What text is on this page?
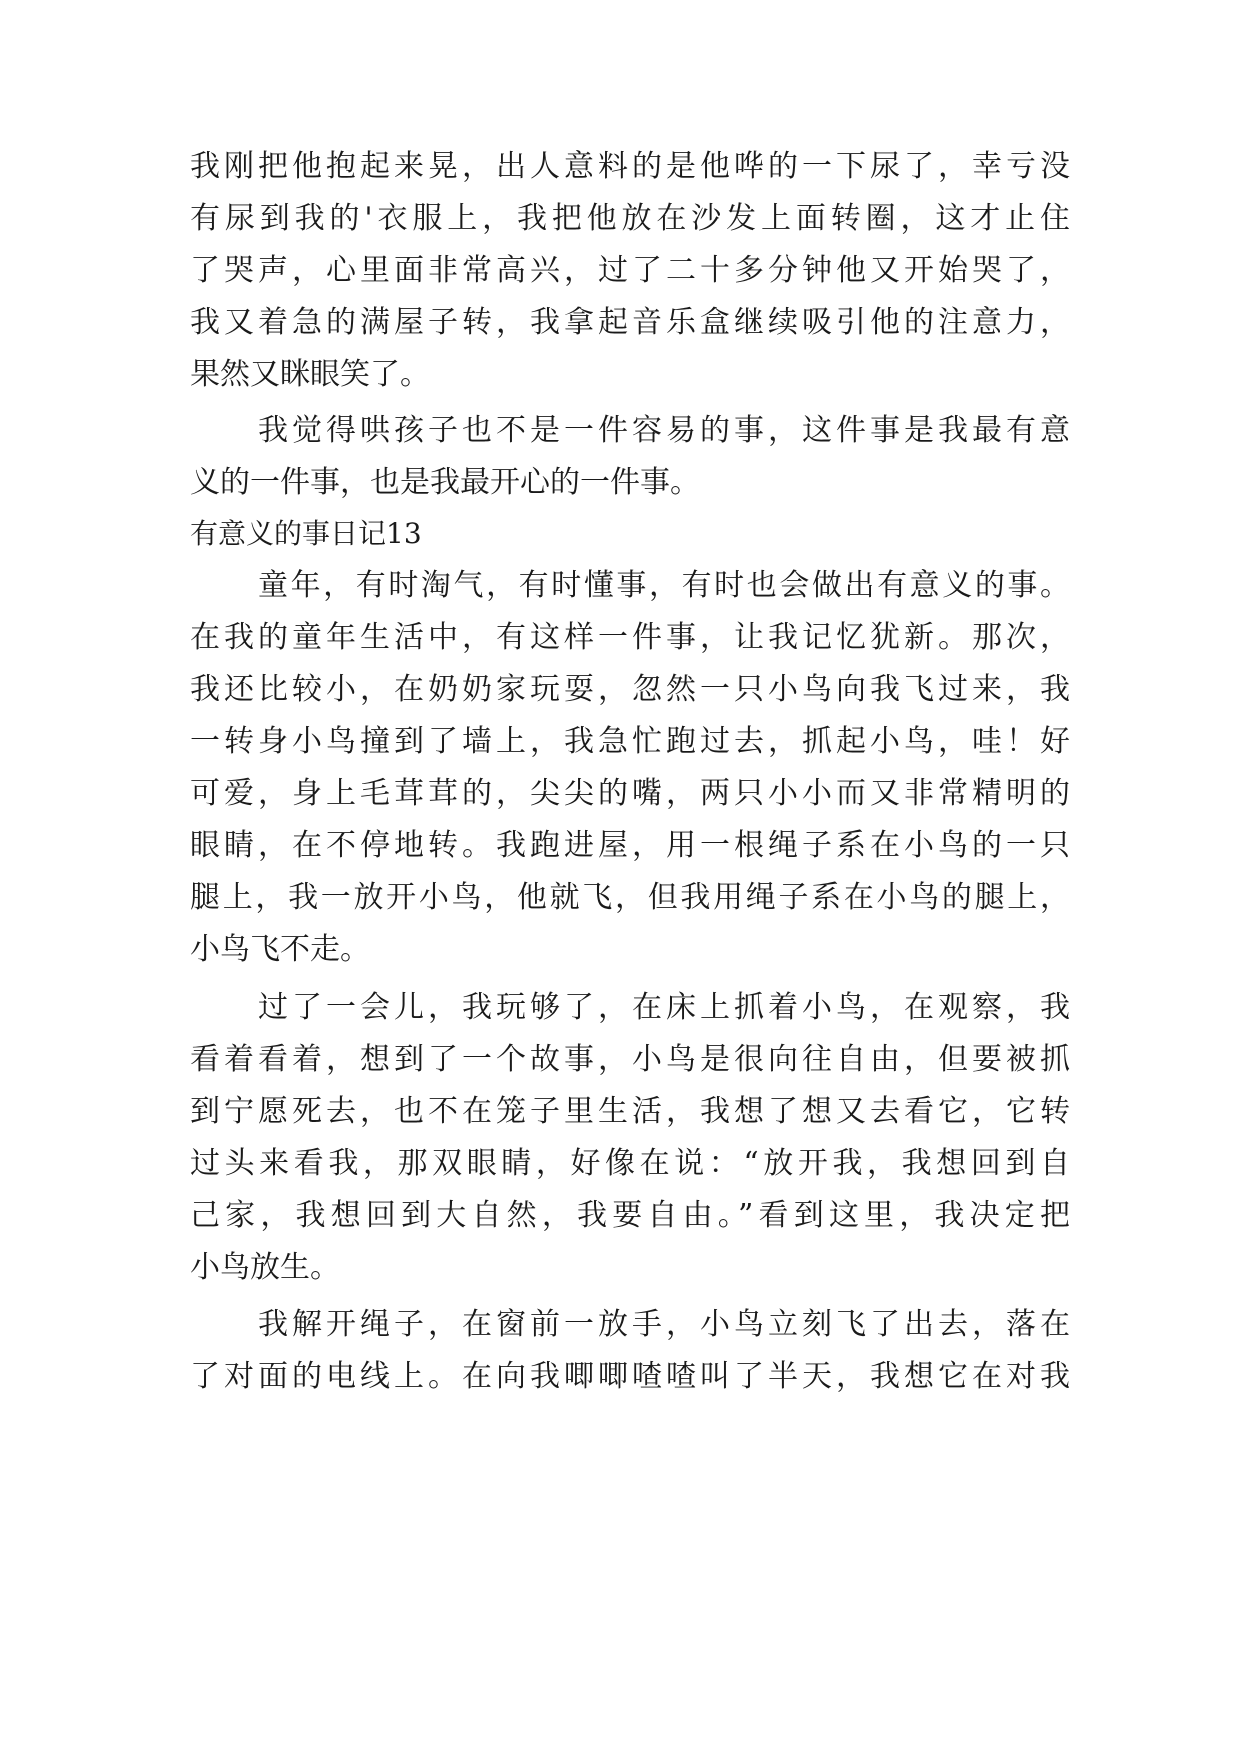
我刚把他抱起来晃，出人意料的是他哗的一下尿了，幸亏没
有尿到我的'衣服上，我把他放在沙发上面转圈，这才止住
了哭声，心里面非常高兴，过了二十多分钟他又开始哭了，
我又着急的满屋子转，我拿起音乐盒继续吸引他的注意力，
果然又眯眼笑了。
我觉得哄孩子也不是一件容易的事，这件事是我最有意
义的一件事，也是我最开心的一件事。
有意义的事日记13
童年，有时淘气，有时懂事，有时也会做出有意义的事。
在我的童年生活中，有这样一件事，让我记忆犹新。那次，
我还比较小，在奶奶家玩耍，忽然一只小鸟向我飞过来，我
一转身小鸟撞到了墙上，我急忙跑过去，抓起小鸟，哇！好
可爱，身上毛茸茸的，尖尖的嘴，两只小小而又非常精明的
眼睛，在不停地转。我跑进屋，用一根绳子系在小鸟的一只
腿上，我一放开小鸟，他就飞，但我用绳子系在小鸟的腿上，
小鸟飞不走。
过了一会儿，我玩够了，在床上抓着小鸟，在观察，我
看着看着，想到了一个故事，小鸟是很向往自由，但要被抓
到宁愿死去，也不在笼子里生活，我想了想又去看它，它转
过头来看我，那双眼睛，好像在说：“放开我，我想回到自
己家，我想回到大自然，我要自由。”看到这里，我决定把
小鸟放生。
我解开绳子，在窗前一放手，小鸟立刻飞了出去，落在
了对面的电线上。在向我唧唧喳喳叫了半天，我想它在对我
